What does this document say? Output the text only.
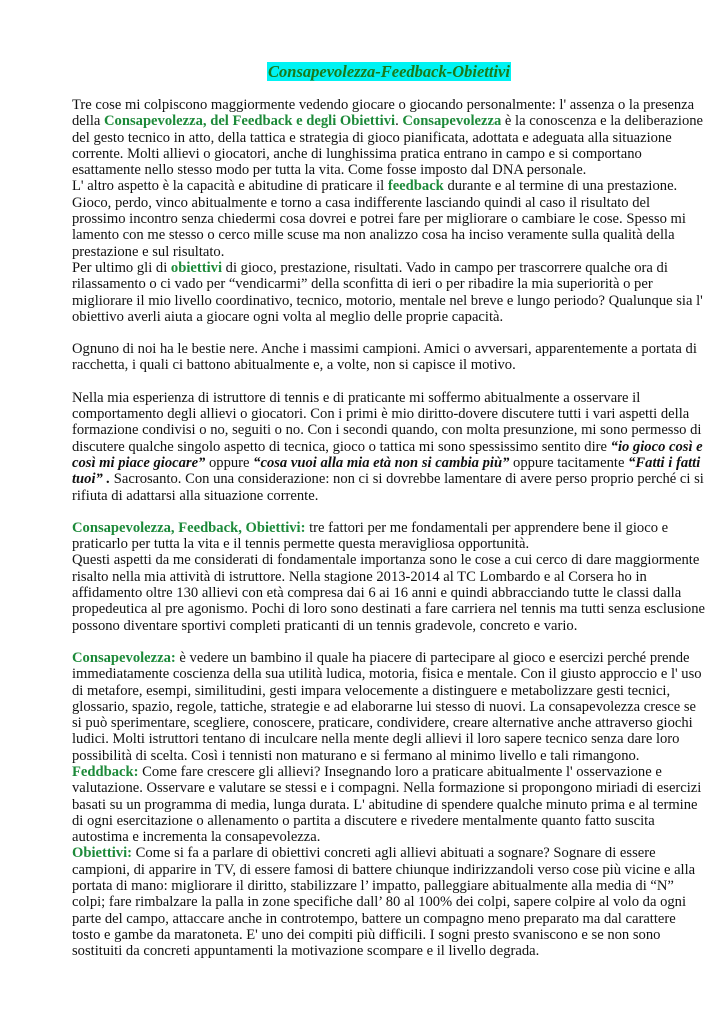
Consapevolezza-Feedback-Obiettivi

Tre cose mi colpiscono maggiormente vedendo giocare o giocando personalmente: l' assenza o la presenza della Consapevolezza, del Feedback e degli Obiettivi. Consapevolezza è la conoscenza e la deliberazione del gesto tecnico in atto, della tattica e strategia di gioco pianificata, adottata e adeguata alla situazione corrente. Molti allievi o giocatori, anche di lunghissima pratica entrano in campo e si comportano esattamente nello stesso modo per tutta la vita. Come fosse imposto dal DNA personale.

L' altro aspetto è la capacità e abitudine di praticare il feedback durante e al termine di una prestazione. Gioco, perdo, vinco abitualmente e torno a casa indifferente lasciando quindi al caso il risultato del prossimo incontro senza chiedermi cosa dovrei e potrei fare per migliorare o cambiare le cose. Spesso mi lamento con me stesso o cerco mille scuse ma non analizzo cosa ha inciso veramente sulla qualità della prestazione e sul risultato.

Per ultimo gli di obiettivi di gioco, prestazione, risultati. Vado in campo per trascorrere qualche ora di rilassamento o ci vado per “vendicarmi” della sconfitta di ieri o per ribadire la mia superiorità o per migliorare il mio livello coordinativo, tecnico, motorio, mentale nel breve e lungo periodo? Qualunque sia l' obiettivo averli aiuta a giocare ogni volta al meglio delle proprie capacità.

Ognuno di noi ha le bestie nere. Anche i massimi campioni. Amici o avversari, apparentemente a portata di racchetta, i quali ci battono abitualmente e, a volte, non si capisce il motivo.

Nella mia esperienza di istruttore di tennis e di praticante mi soffermo abitualmente a osservare il comportamento degli allievi o giocatori. Con i primi è mio diritto-dovere discutere tutti i vari aspetti della formazione condivisi o no, seguiti o no. Con i secondi quando, con molta presunzione, mi sono permesso di discutere qualche singolo aspetto di tecnica, gioco o tattica mi sono spessissimo sentito dire “io gioco così e così mi piace giocare” oppure “cosa vuoi alla mia età non si cambia più” oppure tacitamente “Fatti i fatti tuoi” . Sacrosanto. Con una considerazione: non ci si dovrebbe lamentare di avere perso proprio perché ci si rifiuta di adattarsi alla situazione corrente.

Consapevolezza, Feedback, Obiettivi: tre fattori per me fondamentali per apprendere bene il gioco e praticarlo per tutta la vita e il tennis permette questa meravigliosa opportunità.

Questi aspetti da me considerati di fondamentale importanza sono le cose a cui cerco di dare maggiormente risalto nella mia attività di istruttore. Nella stagione 2013-2014 al TC Lombardo e al Corsera ho in affidamento oltre 130 allievi con età compresa dai 6 ai 16 anni e quindi abbracciando tutte le classi dalla propedeutica al pre agonismo. Pochi di loro sono destinati a fare carriera nel tennis ma tutti senza esclusione possono diventare sportivi completi praticanti di un tennis gradevole, concreto e vario.

Consapevolezza: è vedere un bambino il quale ha piacere di partecipare al gioco e esercizi perché prende immediatamente coscienza della sua utilità ludica, motoria, fisica e mentale. Con il giusto approccio e l' uso di metafore, esempi, similitudini, gesti impara velocemente a distinguere e metabolizzare gesti tecnici, glossario, spazio, regole, tattiche, strategie e ad elaborarne lui stesso di nuovi. La consapevolezza cresce se si può sperimentare, scegliere, conoscere, praticare, condividere, creare alternative anche attraverso giochi ludici. Molti istruttori tentano di inculcare nella mente degli allievi il loro sapere tecnico senza dare loro possibilità di scelta. Così i tennisti non maturano e si fermano al minimo livello e tali rimangono.

Feddback: Come fare crescere gli allievi? Insegnando loro a praticare abitualmente l' osservazione e valutazione. Osservare e valutare se stessi e i compagni. Nella formazione si propongono miriadi di esercizi basati su un programma di media, lunga durata. L' abitudine di spendere qualche minuto prima e al termine di ogni esercitazione o allenamento o partita a discutere e rivedere mentalmente quanto fatto suscita autostima e incrementa la consapevolezza.

Obiettivi: Come si fa a parlare di obiettivi concreti agli allievi abituati a sognare? Sognare di essere campioni, di apparire in TV, di essere famosi di battere chiunque indirizzandoli verso cose più vicine e alla portata di mano: migliorare il diritto, stabilizzare l’ impatto, palleggiare abitualmente alla media di “N” colpi; fare rimbalzare la palla in zone specifiche dall’ 80 al 100% dei colpi, sapere colpire al volo da ogni parte del campo, attaccare anche in controtempo, battere un compagno meno preparato ma dal carattere tosto e gambe da maratoneta. E' uno dei compiti più difficili. I sogni presto svaniscono e se non sono sostituiti da concreti appuntamenti la motivazione scompare e il livello degrada.
